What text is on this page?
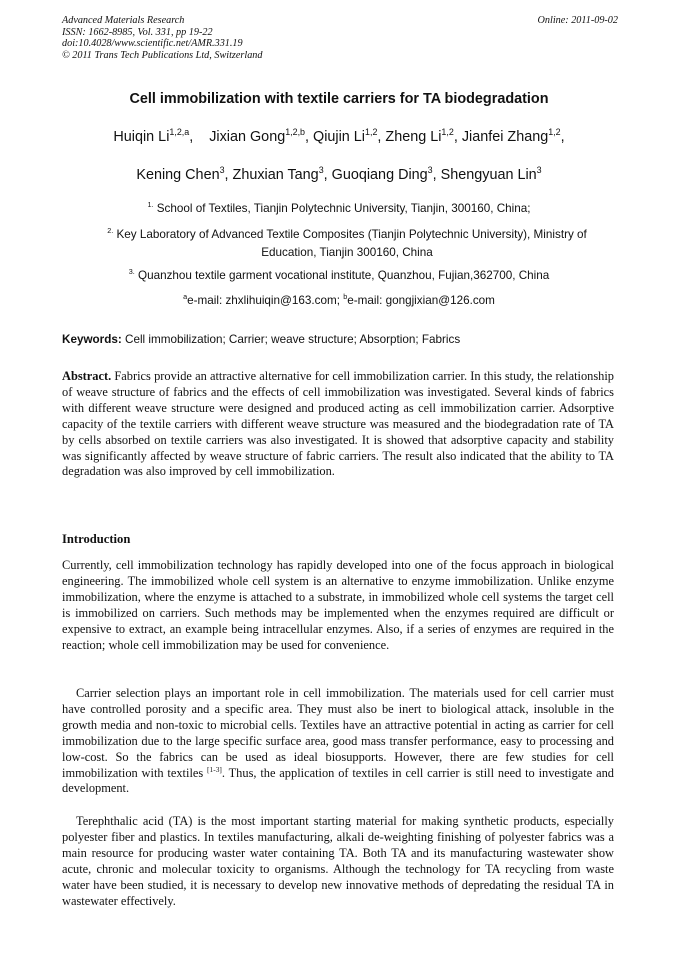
Advanced Materials Research
ISSN: 1662-8985, Vol. 331, pp 19-22
doi:10.4028/www.scientific.net/AMR.331.19
© 2011 Trans Tech Publications Ltd, Switzerland
Online: 2011-09-02
Cell immobilization with textile carriers for TA biodegradation
Huiqin Li$^{1,2,a}$,    Jixian Gong$^{1,2,b}$, Qiujin Li$^{1,2}$, Zheng Li$^{1,2}$, Jianfei Zhang$^{1,2}$,
Kening Chen$^3$, Zhuxian Tang$^3$, Guoqiang Ding$^3$, Shengyuan Lin$^3$
$^{1.}$ School of Textiles, Tianjin Polytechnic University, Tianjin, 300160, China;
$^{2.}$ Key Laboratory of Advanced Textile Composites (Tianjin Polytechnic University), Ministry of Education, Tianjin 300160, China
$^{3.}$ Quanzhou textile garment vocational institute, Quanzhou, Fujian,362700, China
$^a$e-mail: zhxlihuiqin@163.com; $^b$e-mail: gongjixian@126.com
Keywords: Cell immobilization; Carrier; weave structure; Absorption; Fabrics
Abstract. Fabrics provide an attractive alternative for cell immobilization carrier. In this study, the relationship of weave structure of fabrics and the effects of cell immobilization was investigated. Several kinds of fabrics with different weave structure were designed and produced acting as cell immobilization carrier. Adsorptive capacity of the textile carriers with different weave structure was measured and the biodegradation rate of TA by cells absorbed on textile carriers was also investigated. It is showed that adsorptive capacity and stability was significantly affected by weave structure of fabric carriers. The result also indicated that the ability to TA degradation was also improved by cell immobilization.
Introduction
Currently, cell immobilization technology has rapidly developed into one of the focus approach in biological engineering. The immobilized whole cell system is an alternative to enzyme immobilization. Unlike enzyme immobilization, where the enzyme is attached to a substrate, in immobilized whole cell systems the target cell is immobilized on carriers. Such methods may be implemented when the enzymes required are difficult or expensive to extract, an example being intracellular enzymes. Also, if a series of enzymes are required in the reaction; whole cell immobilization may be used for convenience.
Carrier selection plays an important role in cell immobilization. The materials used for cell carrier must have controlled porosity and a specific area. They must also be inert to biological attack, insoluble in the growth media and non-toxic to microbial cells. Textiles have an attractive potential in acting as carrier for cell immobilization due to the large specific surface area, good mass transfer performance, easy to processing and low-cost. So the fabrics can be used as ideal biosupports. However, there are few studies for cell immobilization with textiles [1-3]. Thus, the application of textiles in cell carrier is still need to investigate and development.
Terephthalic acid (TA) is the most important starting material for making synthetic products, especially polyester fiber and plastics. In textiles manufacturing, alkali de-weighting finishing of polyester fabrics was a main resource for producing waster water containing TA. Both TA and its manufacturing wastewater show acute, chronic and molecular toxicity to organisms. Although the technology for TA recycling from waste water have been studied, it is necessary to develop new innovative methods of depredating the residual TA in wastewater effectively.
